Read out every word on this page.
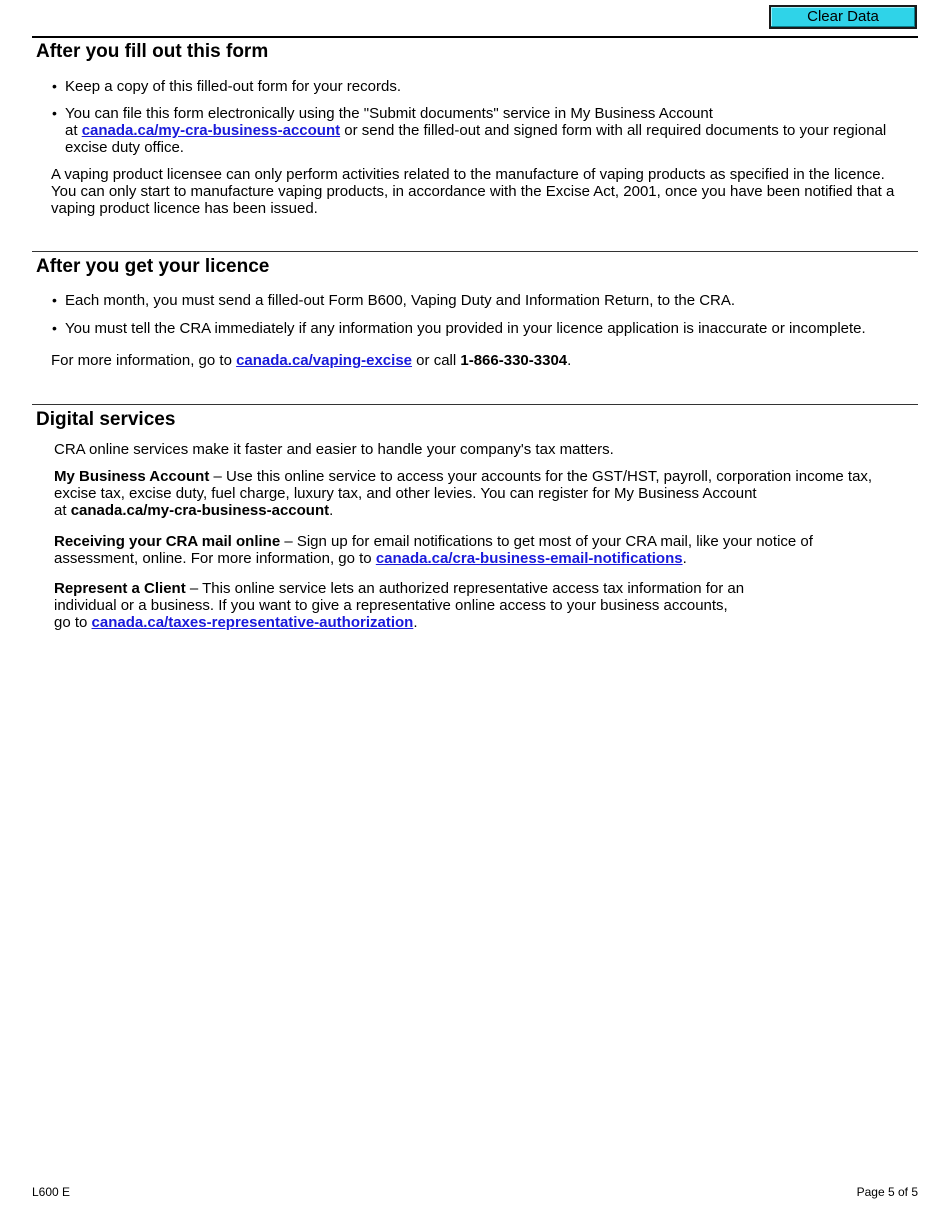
Clear Data
After you fill out this form
• Keep a copy of this filled-out form for your records.
• You can file this form electronically using the "Submit documents" service in My Business Account
at canada.ca/my-cra-business-account or send the filled-out and signed form with all required documents to your regional excise duty office.
A vaping product licensee can only perform activities related to the manufacture of vaping products as specified in the licence. You can only start to manufacture vaping products, in accordance with the Excise Act, 2001, once you have been notified that a vaping product licence has been issued.
After you get your licence
• Each month, you must send a filled-out Form B600, Vaping Duty and Information Return, to the CRA.
• You must tell the CRA immediately if any information you provided in your licence application is inaccurate or incomplete.
For more information, go to canada.ca/vaping-excise or call 1-866-330-3304.
Digital services
CRA online services make it faster and easier to handle your company's tax matters.
My Business Account – Use this online service to access your accounts for the GST/HST, payroll, corporation income tax, excise tax, excise duty, fuel charge, luxury tax, and other levies. You can register for My Business Account
at canada.ca/my-cra-business-account.
Receiving your CRA mail online – Sign up for email notifications to get most of your CRA mail, like your notice of assessment, online. For more information, go to canada.ca/cra-business-email-notifications.
Represent a Client – This online service lets an authorized representative access tax information for an
individual or a business. If you want to give a representative online access to your business accounts,
go to canada.ca/taxes-representative-authorization.
L600 E	Page 5 of 5
